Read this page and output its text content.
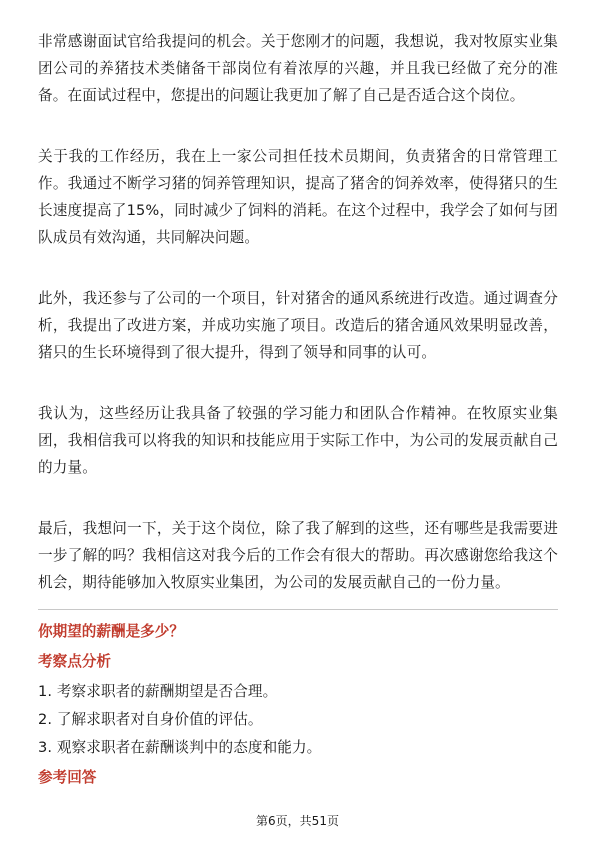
非常感谢面试官给我提问的机会。关于您刚才的问题，我想说，我对牧原实业集团公司的养猪技术类储备干部岗位有着浓厚的兴趣，并且我已经做了充分的准备。在面试过程中，您提出的问题让我更加了解了自己是否适合这个岗位。

关于我的工作经历，我在上一家公司担任技术员期间，负责猪舍的日常管理工作。我通过不断学习猪的饲养管理知识，提高了猪舍的饲养效率，使得猪只的生长速度提高了15%，同时减少了饲料的消耗。在这个过程中，我学会了如何与团队成员有效沟通，共同解决问题。

此外，我还参与了公司的一个项目，针对猪舍的通风系统进行改造。通过调查分析，我提出了改进方案，并成功实施了项目。改造后的猪舍通风效果明显改善，猪只的生长环境得到了很大提升，得到了领导和同事的认可。

我认为，这些经历让我具备了较强的学习能力和团队合作精神。在牧原实业集团，我相信我可以将我的知识和技能应用于实际工作中，为公司的发展贡献自己的力量。

最后，我想问一下，关于这个岗位，除了我了解到的这些，还有哪些是我需要进一步了解的吗？我相信这对我今后的工作会有很大的帮助。再次感谢您给我这个机会，期待能够加入牧原实业集团，为公司的发展贡献自己的一份力量。

你期望的薪酬是多少？

考察点分析

1. 考察求职者的薪酬期望是否合理。
2. 了解求职者对自身价值的评估。
3. 观察求职者在薪酬谈判中的态度和能力。

参考回答

第6页，共51页
